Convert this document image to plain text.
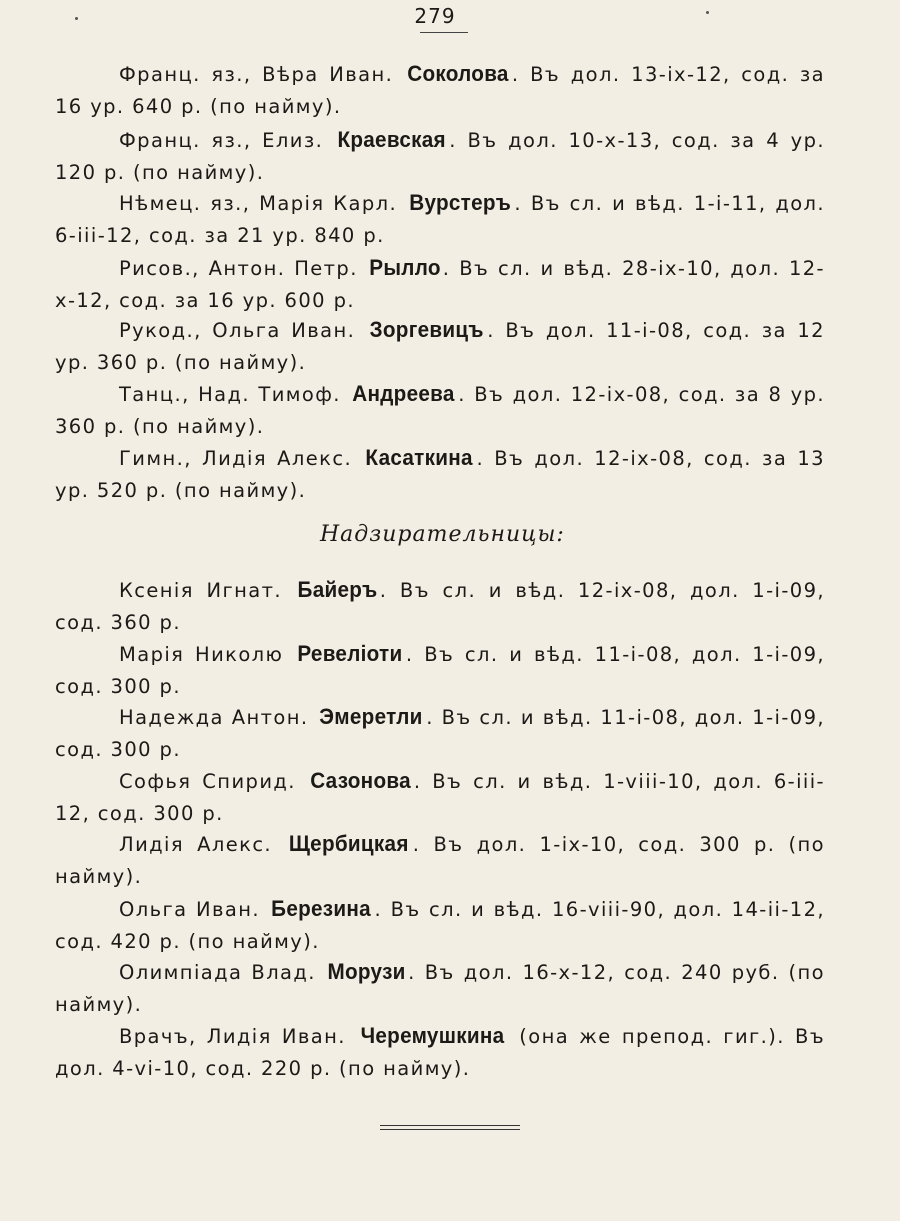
279

Франц. яз., Вѣра Иван. Соколова . Въ дол. 13-ix-12, сод. за 16 ур. 640 р. (по найму).

Франц. яз., Елиз. Краевская . Въ дол. 10-x-13, сод. за 4 ур. 120 р. (по найму).

Нѣмец. яз., Марія Карл. Вурстеръ . Въ сл. и вѣд. 1-i-11, дол. 6-iii-12, сод. за 21 ур. 840 р.

Рисов., Антон. Петр. Рылло . Въ сл. и вѣд. 28-ix-10, дол. 12-x-12, сод. за 16 ур. 600 р.

Рукод., Ольга Иван. Зоргевицъ . Въ дол. 11-i-08, сод. за 12 ур. 360 р. (по найму).

Танц., Над. Тимоф. Андреева . Въ дол. 12-ix-08, сод. за 8 ур. 360 р. (по найму).

Гимн., Лидія Алекс. Касаткина . Въ дол. 12-ix-08, сод. за 13 ур. 520 р. (по найму).

Надзирательницы:

Ксенія Игнат. Байеръ . Въ сл. и вѣд. 12-ix-08, дол. 1-i-09, сод. 360 р.

Марія Николю Ревеліоти . Въ сл. и вѣд. 11-i-08, дол. 1-i-09, сод. 300 р.

Надежда Антон. Эмеретли . Въ сл. и вѣд. 11-i-08, дол. 1-i-09, сод. 300 р.

Софья Спирид. Сазонова . Въ сл. и вѣд. 1-viii-10, дол. 6-iii-12, сод. 300 р.

Лидія Алекс. Щербицкая . Въ дол. 1-ix-10, сод. 300 р. (по найму).

Ольга Иван. Березина . Въ сл. и вѣд. 16-viii-90, дол. 14-ii-12, сод. 420 р. (по найму).

Олимпіада Влад. Морузи . Въ дол. 16-x-12, сод. 240 руб. (по найму).

Врачъ, Лидія Иван. Черемушкина (она же препод. гиг.). Въ дол. 4-vi-10, сод. 220 р. (по найму).
